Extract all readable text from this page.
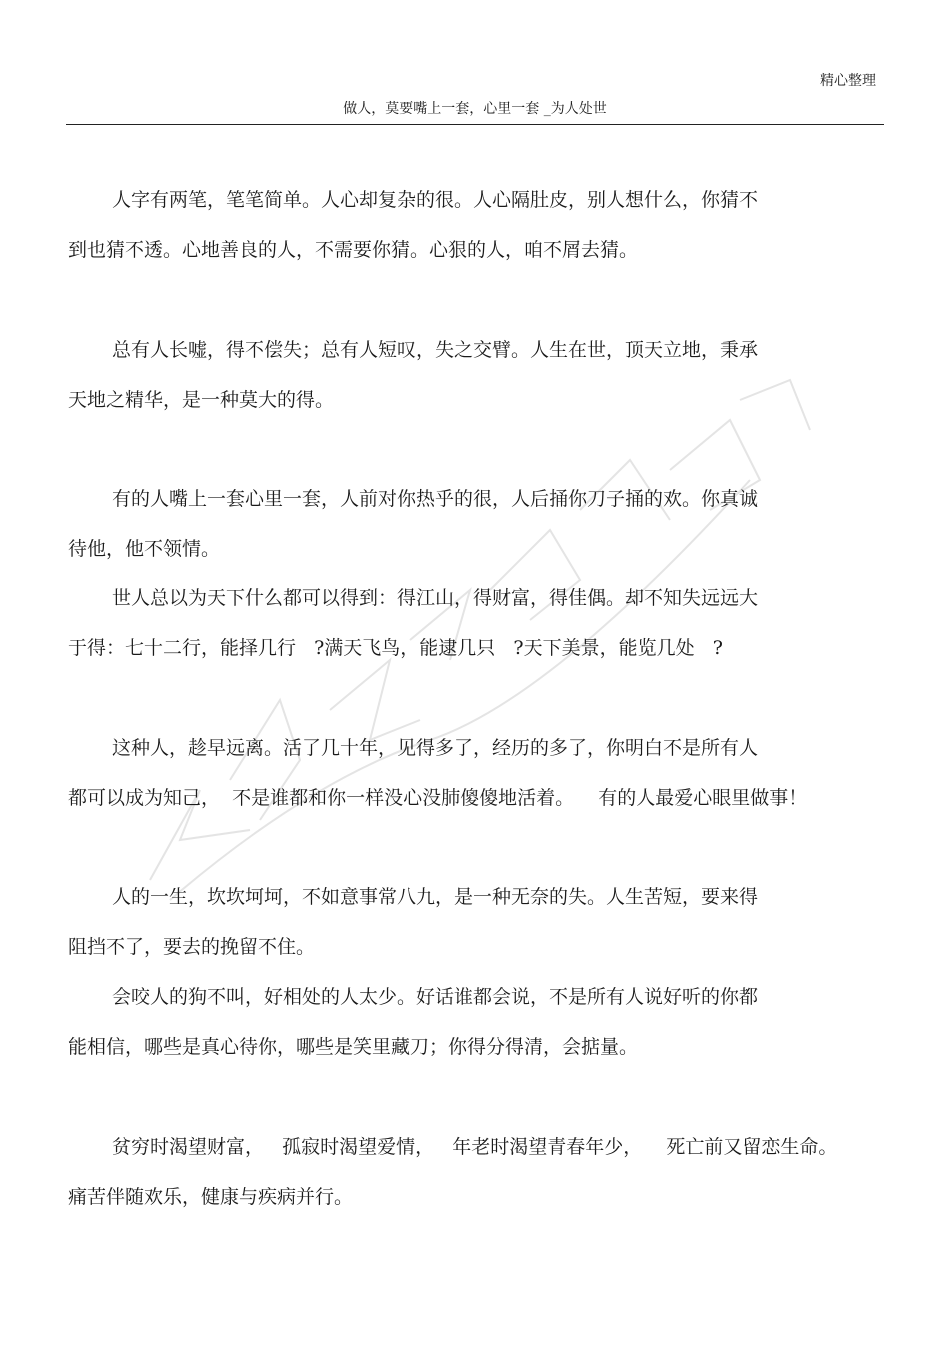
精心整理
做人，莫要嘴上一套，心里一套 _为人处世
人字有两笔，笔笔简单。人心却复杂的很。人心隔肚皮，别人想什么，你猜不
到也猜不透。心地善良的人，不需要你猜。心狠的人，咱不屑去猜。
总有人长嘘，得不偿失；总有人短叹，失之交臂。人生在世，顶天立地，秉承
天地之精华，是一种莫大的得。
有的人嘴上一套心里一套，人前对你热乎的很，人后捅你刀子捅的欢。你真诚
待他，他不领情。
世人总以为天下什么都可以得到：得江山，得财富，得佳偶。却不知失远远大
于得：七十二行，能择几行   ?满天飞鸟，能逮几只   ?天下美景，能览几处   ?
这种人，趁早远离。活了几十年，见得多了，经历的多了，你明白不是所有人
都可以成为知己，  不是谁都和你一样没心没肺傻傻地活着。    有的人最爱心眼里做事！
人的一生，坎坎坷坷，不如意事常八九，是一种无奈的失。人生苦短，要来得
阻挡不了，要去的挽留不住。
会咬人的狗不叫，好相处的人太少。好话谁都会说，不是所有人说好听的你都
能相信，哪些是真心待你，哪些是笑里藏刀；你得分得清，会掂量。
贫穷时渴望财富，   孤寂时渴望爱情，   年老时渴望青春年少，    死亡前又留恋生命。
痛苦伴随欢乐，健康与疾病并行。
